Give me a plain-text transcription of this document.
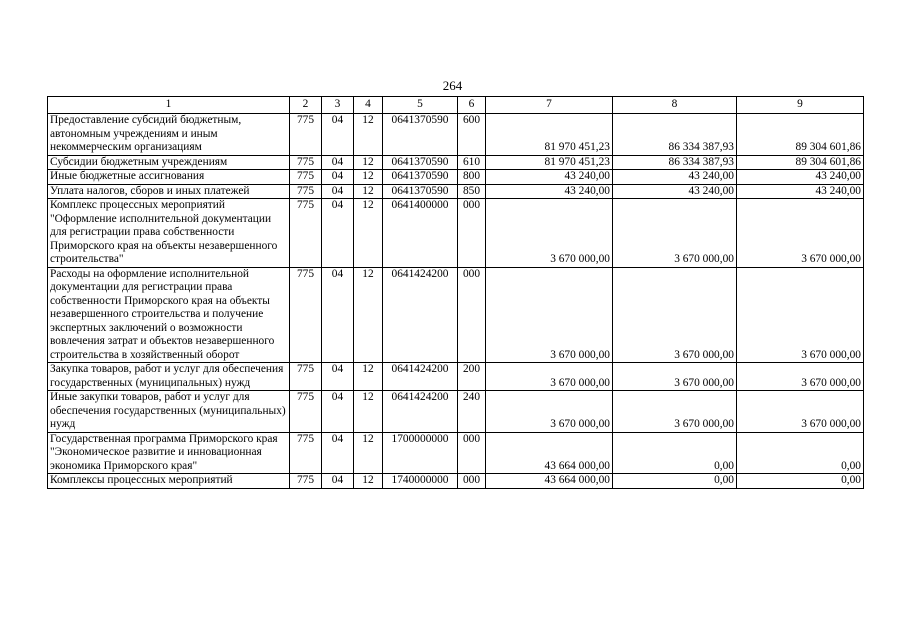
264
1	2	3	4	5	6	7	8	9
Предоставление субсидий бюджетным, автономным учреждениям и иным некоммерческим организациям	775	04	12	0641370590	600	81 970 451,23	86 334 387,93	89 304 601,86
Субсидии бюджетным учреждениям	775	04	12	0641370590	610	81 970 451,23	86 334 387,93	89 304 601,86
Иные бюджетные ассигнования	775	04	12	0641370590	800	43 240,00	43 240,00	43 240,00
Уплата налогов, сборов и иных платежей	775	04	12	0641370590	850	43 240,00	43 240,00	43 240,00
Комплекс процессных мероприятий "Оформление исполнительной документации для регистрации права собственности Приморского края на объекты незавершенного строительства"	775	04	12	0641400000	000	3 670 000,00	3 670 000,00	3 670 000,00
Расходы на оформление исполнительной документации для регистрации права собственности Приморского края на объекты незавершенного строительства и получение экспертных заключений о возможности вовлечения затрат и объектов незавершенного строительства в хозяйственный оборот	775	04	12	0641424200	000	3 670 000,00	3 670 000,00	3 670 000,00
Закупка товаров, работ и услуг для обеспечения государственных (муниципальных) нужд	775	04	12	0641424200	200	3 670 000,00	3 670 000,00	3 670 000,00
Иные закупки товаров, работ и услуг для обеспечения государственных (муниципальных) нужд	775	04	12	0641424200	240	3 670 000,00	3 670 000,00	3 670 000,00
Государственная программа Приморского края "Экономическое развитие и инновационная экономика Приморского края"	775	04	12	1700000000	000	43 664 000,00	0,00	0,00
Комплексы процессных мероприятий	775	04	12	1740000000	000	43 664 000,00	0,00	0,00
